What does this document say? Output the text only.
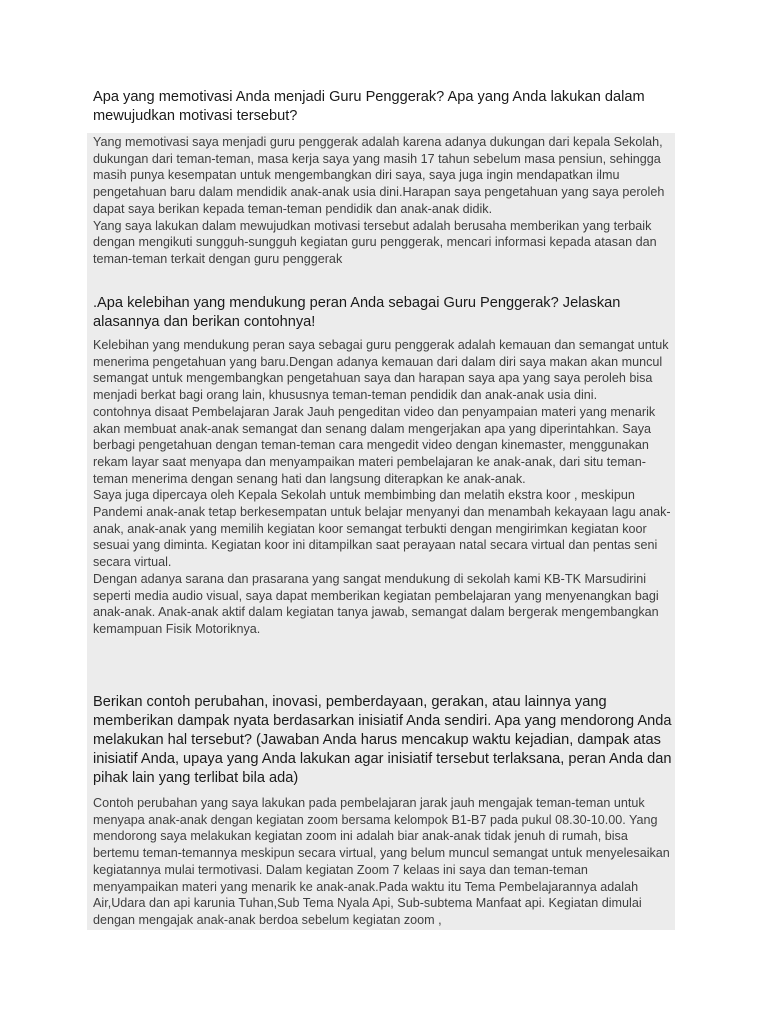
Yang memotivasi saya menjadi guru penggerak adalah karena adanya dukungan dari kepala Sekolah, dukungan dari teman-teman, masa kerja saya yang masih 17 tahun sebelum masa pensiun, sehingga masih punya kesempatan untuk mengembangkan diri saya, saya juga ingin mendapatkan ilmu pengetahuan baru dalam mendidik anak-anak usia dini.Harapan saya pengetahuan yang saya peroleh dapat saya berikan kepada teman-teman pendidik dan anak-anak didik.

Yang saya lakukan dalam mewujudkan motivasi tersebut adalah berusaha memberikan yang terbaik dengan mengikuti sungguh-sungguh kegiatan guru penggerak, mencari informasi kepada atasan dan teman-teman terkait dengan guru penggerak

Apa yang memotivasi Anda menjadi Guru Penggerak? Apa yang Anda lakukan dalam mewujudkan motivasi tersebut?

Kelebihan yang mendukung peran saya sebagai guru penggerak adalah kemauan dan semangat untuk menerima pengetahuan yang baru.Dengan adanya kemauan dari dalam diri saya makan akan muncul semangat untuk mengembangkan pengetahuan saya dan harapan saya apa yang saya peroleh bisa menjadi berkat bagi orang lain, khususnya teman-teman pendidik dan anak-anak usia dini.

contohnya disaat Pembelajaran Jarak Jauh pengeditan video dan penyampaian materi yang menarik akan membuat anak-anak semangat dan senang dalam mengerjakan apa yang diperintahkan. Saya berbagi pengetahuan dengan teman-teman cara mengedit video dengan kinemaster, menggunakan rekam layar saat menyapa dan menyampaikan materi pembelajaran ke anak-anak, dari situ teman-teman menerima dengan senang hati dan langsung diterapkan ke anak-anak.

Saya juga dipercaya oleh Kepala Sekolah untuk membimbing dan melatih ekstra koor , meskipun Pandemi anak-anak tetap berkesempatan untuk belajar menyanyi dan menambah kekayaan lagu anak-anak, anak-anak yang memilih kegiatan koor semangat terbukti dengan mengirimkan kegiatan koor sesuai yang diminta. Kegiatan koor ini ditampilkan saat perayaan natal secara virtual dan pentas seni secara virtual.

Dengan adanya sarana dan prasarana yang sangat mendukung di sekolah kami KB-TK Marsudirini seperti media audio visual, saya dapat memberikan kegiatan pembelajaran yang menyenangkan bagi anak-anak. Anak-anak aktif dalam kegiatan tanya jawab, semangat dalam bergerak mengembangkan kemampuan Fisik Motoriknya.

.Apa kelebihan yang mendukung peran Anda sebagai Guru Penggerak? Jelaskan alasannya dan berikan contohnya!

Contoh perubahan yang saya lakukan pada pembelajaran jarak jauh mengajak teman-teman untuk menyapa anak-anak dengan kegiatan zoom bersama kelompok B1-B7 pada pukul 08.30-10.00. Yang mendorong saya melakukan kegiatan zoom ini adalah biar anak-anak tidak jenuh di rumah, bisa bertemu teman-temannya meskipun secara virtual, yang belum muncul semangat untuk menyelesaikan kegiatannya mulai termotivasi. Dalam kegiatan Zoom 7 kelaas ini saya dan teman-teman menyampaikan materi yang menarik ke anak-anak.Pada waktu itu Tema Pembelajarannya adalah Air,Udara dan api karunia Tuhan,Sub Tema Nyala Api, Sub-subtema Manfaat api. Kegiatan dimulai dengan mengajak anak-anak berdoa sebelum kegiatan zoom ,

Berikan contoh perubahan, inovasi, pemberdayaan, gerakan, atau lainnya yang memberikan dampak nyata berdasarkan inisiatif Anda sendiri. Apa yang mendorong Anda melakukan hal tersebut? (Jawaban Anda harus mencakup waktu kejadian, dampak atas inisiatif Anda, upaya yang Anda lakukan agar inisiatif tersebut terlaksana, peran Anda dan pihak lain yang terlibat bila ada)
